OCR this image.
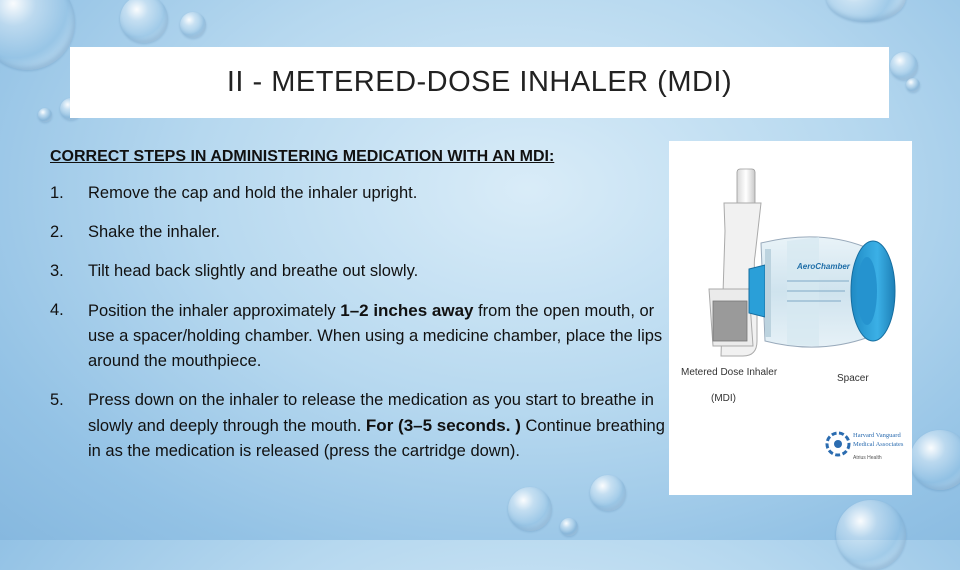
II - METERED-DOSE INHALER (MDI)
CORRECT STEPS IN ADMINISTERING MEDICATION WITH AN MDI:
1.	Remove the cap and hold the inhaler upright.
2.	Shake the inhaler.
3.	Tilt head back slightly and breathe out slowly.
4.	Position the inhaler approximately 1–2 inches away from the open mouth, or use a spacer/holding chamber. When using a medicine chamber, place the lips around the mouthpiece.
5.	Press down on the inhaler to release the medication as you start to breathe in slowly and deeply through the mouth. For (3–5 seconds. ) Continue breathing in as the medication is released (press the cartridge down).
AeroChamber
Metered Dose Inhaler
(MDI)
Spacer
Harvard Vanguard
Medical Associates
Atrius Health
